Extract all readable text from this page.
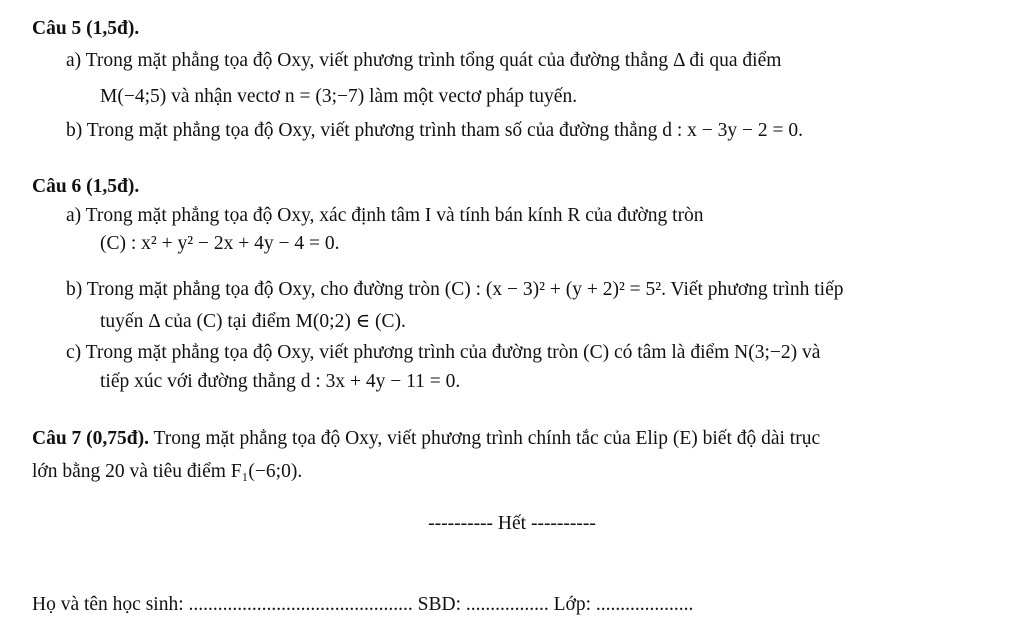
Câu 5 (1,5đ).
a) Trong mặt phẳng tọa độ Oxy, viết phương trình tổng quát của đường thẳng Δ đi qua điểm
M(−4;5) và nhận vectơ n = (3;−7) làm một vectơ pháp tuyến.
b) Trong mặt phẳng tọa độ Oxy, viết phương trình tham số của đường thẳng d : x − 3y − 2 = 0.
Câu 6 (1,5đ).
a) Trong mặt phẳng tọa độ Oxy, xác định tâm I và tính bán kính R của đường tròn
(C) : x² + y² − 2x + 4y − 4 = 0.
b) Trong mặt phẳng tọa độ Oxy, cho đường tròn (C) : (x − 3)² + (y + 2)² = 5². Viết phương trình tiếp
tuyến Δ của (C) tại điểm M(0;2) ∈ (C).
c) Trong mặt phẳng tọa độ Oxy, viết phương trình của đường tròn (C) có tâm là điểm N(3;−2) và
tiếp xúc với đường thẳng d : 3x + 4y − 11 = 0.
Câu 7 (0,75đ). Trong mặt phẳng tọa độ Oxy, viết phương trình chính tắc của Elip (E) biết độ dài trục
lớn bằng 20 và tiêu điểm F₁(−6;0).
---------- Hết ----------
Họ và tên học sinh: .............................................. SBD: ................. Lớp: ....................
